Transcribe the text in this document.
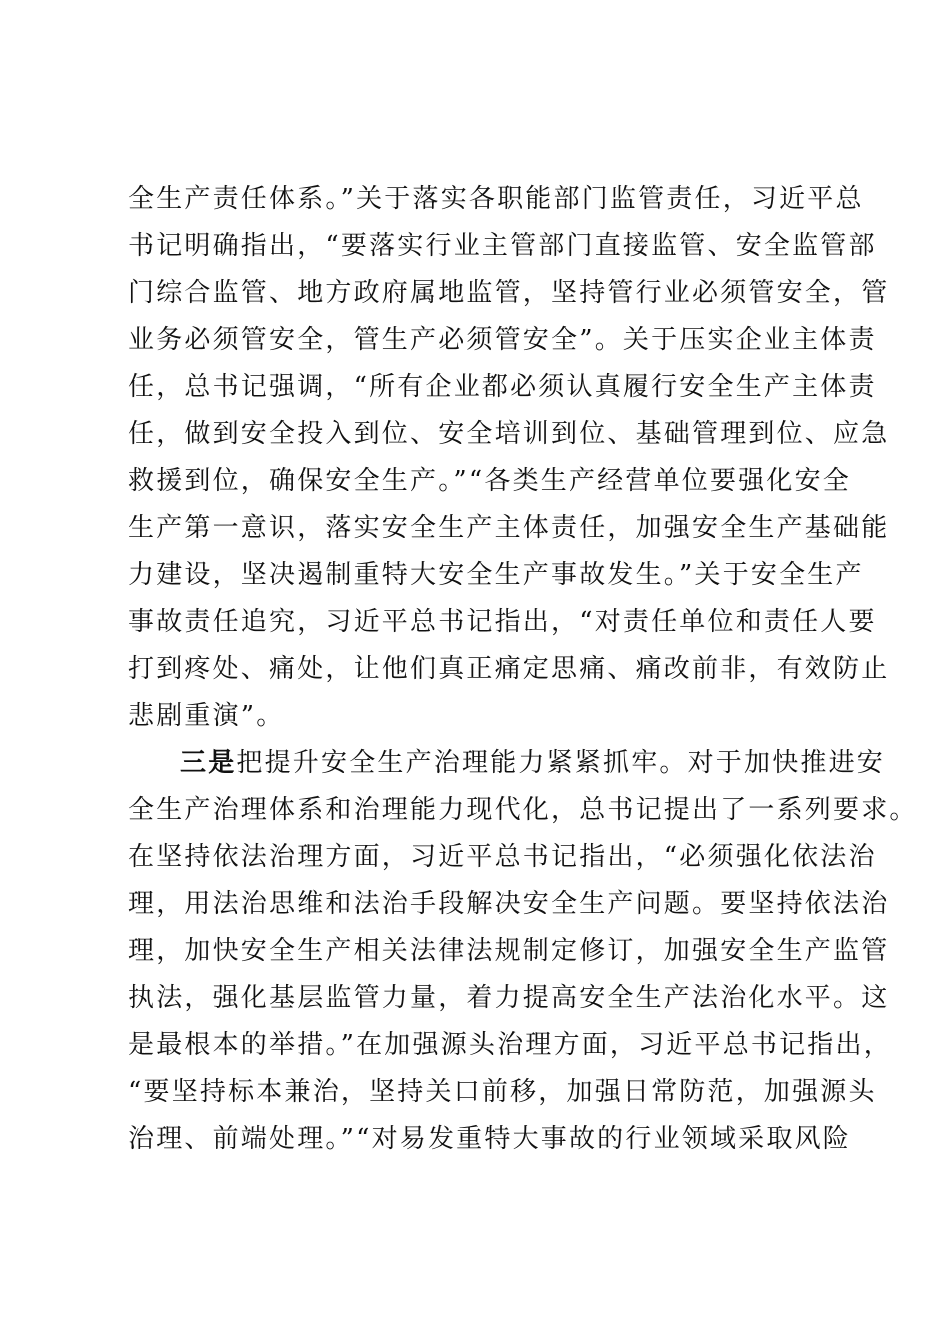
全生产责任体系。”关于落实各职能部门监管责任，习近平总
书记明确指出，“要落实行业主管部门直接监管、安全监管部
门综合监管、地方政府属地监管，坚持管行业必须管安全，管
业务必须管安全，管生产必须管安全”。关于压实企业主体责
任，总书记强调，“所有企业都必须认真履行安全生产主体责
任，做到安全投入到位、安全培训到位、基础管理到位、应急
救援到位，确保安全生产。”“各类生产经营单位要强化安全
生产第一意识，落实安全生产主体责任，加强安全生产基础能
力建设，坚决遏制重特大安全生产事故发生。”关于安全生产
事故责任追究，习近平总书记指出，“对责任单位和责任人要
打到疼处、痛处，让他们真正痛定思痛、痛改前非，有效防止
悲剧重演”。
三是把提升安全生产治理能力紧紧抓牢。对于加快推进安
全生产治理体系和治理能力现代化，总书记提出了一系列要求。
在坚持依法治理方面，习近平总书记指出，“必须强化依法治
理，用法治思维和法治手段解决安全生产问题。要坚持依法治
理，加快安全生产相关法律法规制定修订，加强安全生产监管
执法，强化基层监管力量，着力提高安全生产法治化水平。这
是最根本的举措。”在加强源头治理方面，习近平总书记指出，
“要坚持标本兼治，坚持关口前移，加强日常防范，加强源头
治理、前端处理。”“对易发重特大事故的行业领域采取风险
